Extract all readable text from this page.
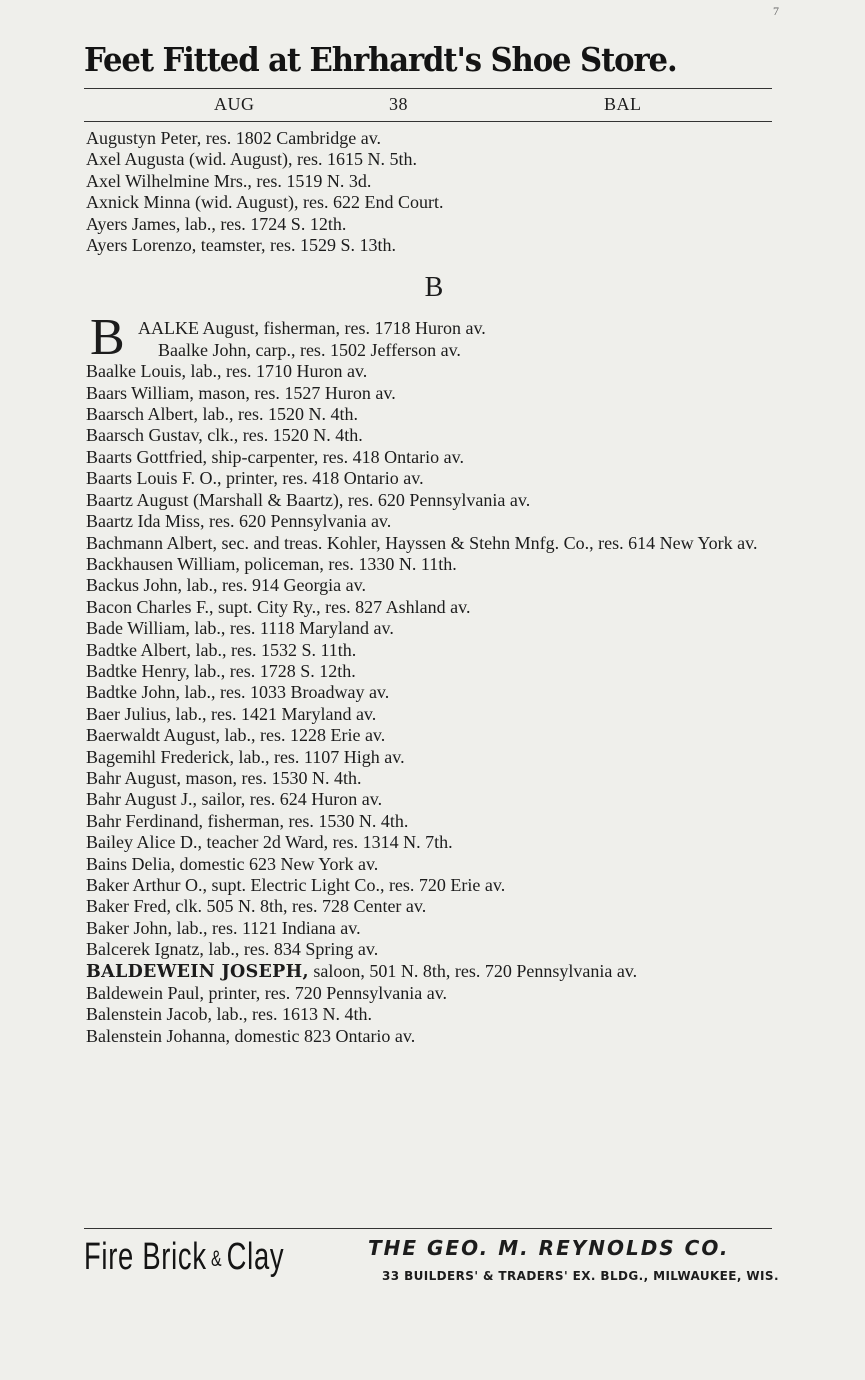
7
Feet Fitted at Ehrhardt's Shoe Store.
AUG	38	BAL
Augustyn Peter, res. 1802 Cambridge av.
Axel Augusta (wid. August), res. 1615 N. 5th.
Axel Wilhelmine Mrs., res. 1519 N. 3d.
Axnick Minna (wid. August), res. 622 End Court.
Ayers James, lab., res. 1724 S. 12th.
Ayers Lorenzo, teamster, res. 1529 S. 13th.
B
B AALKE August, fisherman, res. 1718 Huron av.
Baalke John, carp., res. 1502 Jefferson av.
Baalke Louis, lab., res. 1710 Huron av.
Baars William, mason, res. 1527 Huron av.
Baarsch Albert, lab., res. 1520 N. 4th.
Baarsch Gustav, clk., res. 1520 N. 4th.
Baarts Gottfried, ship-carpenter, res. 418 Ontario av.
Baarts Louis F. O., printer, res. 418 Ontario av.
Baartz August (Marshall & Baartz), res. 620 Pennsylvania av.
Baartz Ida Miss, res. 620 Pennsylvania av.
Bachmann Albert, sec. and treas. Kohler, Hayssen & Stehn Mnfg. Co., res. 614 New York av.
Backhausen William, policeman, res. 1330 N. 11th.
Backus John, lab., res. 914 Georgia av.
Bacon Charles F., supt. City Ry., res. 827 Ashland av.
Bade William, lab., res. 1118 Maryland av.
Badtke Albert, lab., res. 1532 S. 11th.
Badtke Henry, lab., res. 1728 S. 12th.
Badtke John, lab., res. 1033 Broadway av.
Baer Julius, lab., res. 1421 Maryland av.
Baerwaldt August, lab., res. 1228 Erie av.
Bagemihl Frederick, lab., res. 1107 High av.
Bahr August, mason, res. 1530 N. 4th.
Bahr August J., sailor, res. 624 Huron av.
Bahr Ferdinand, fisherman, res. 1530 N. 4th.
Bailey Alice D., teacher 2d Ward, res. 1314 N. 7th.
Bains Delia, domestic 623 New York av.
Baker Arthur O., supt. Electric Light Co., res. 720 Erie av.
Baker Fred, clk. 505 N. 8th, res. 728 Center av.
Baker John, lab., res. 1121 Indiana av.
Balcerek Ignatz, lab., res. 834 Spring av.
BALDEWEIN JOSEPH, saloon, 501 N. 8th, res. 720 Pennsylvania av.
Baldewein Paul, printer, res. 720 Pennsylvania av.
Balenstein Jacob, lab., res. 1613 N. 4th.
Balenstein Johanna, domestic 823 Ontario av.
Fire Brick & Clay	THE GEO. M. REYNOLDS CO.
33 BUILDERS' & TRADERS' EX. BLDG., MILWAUKEE, WIS.
